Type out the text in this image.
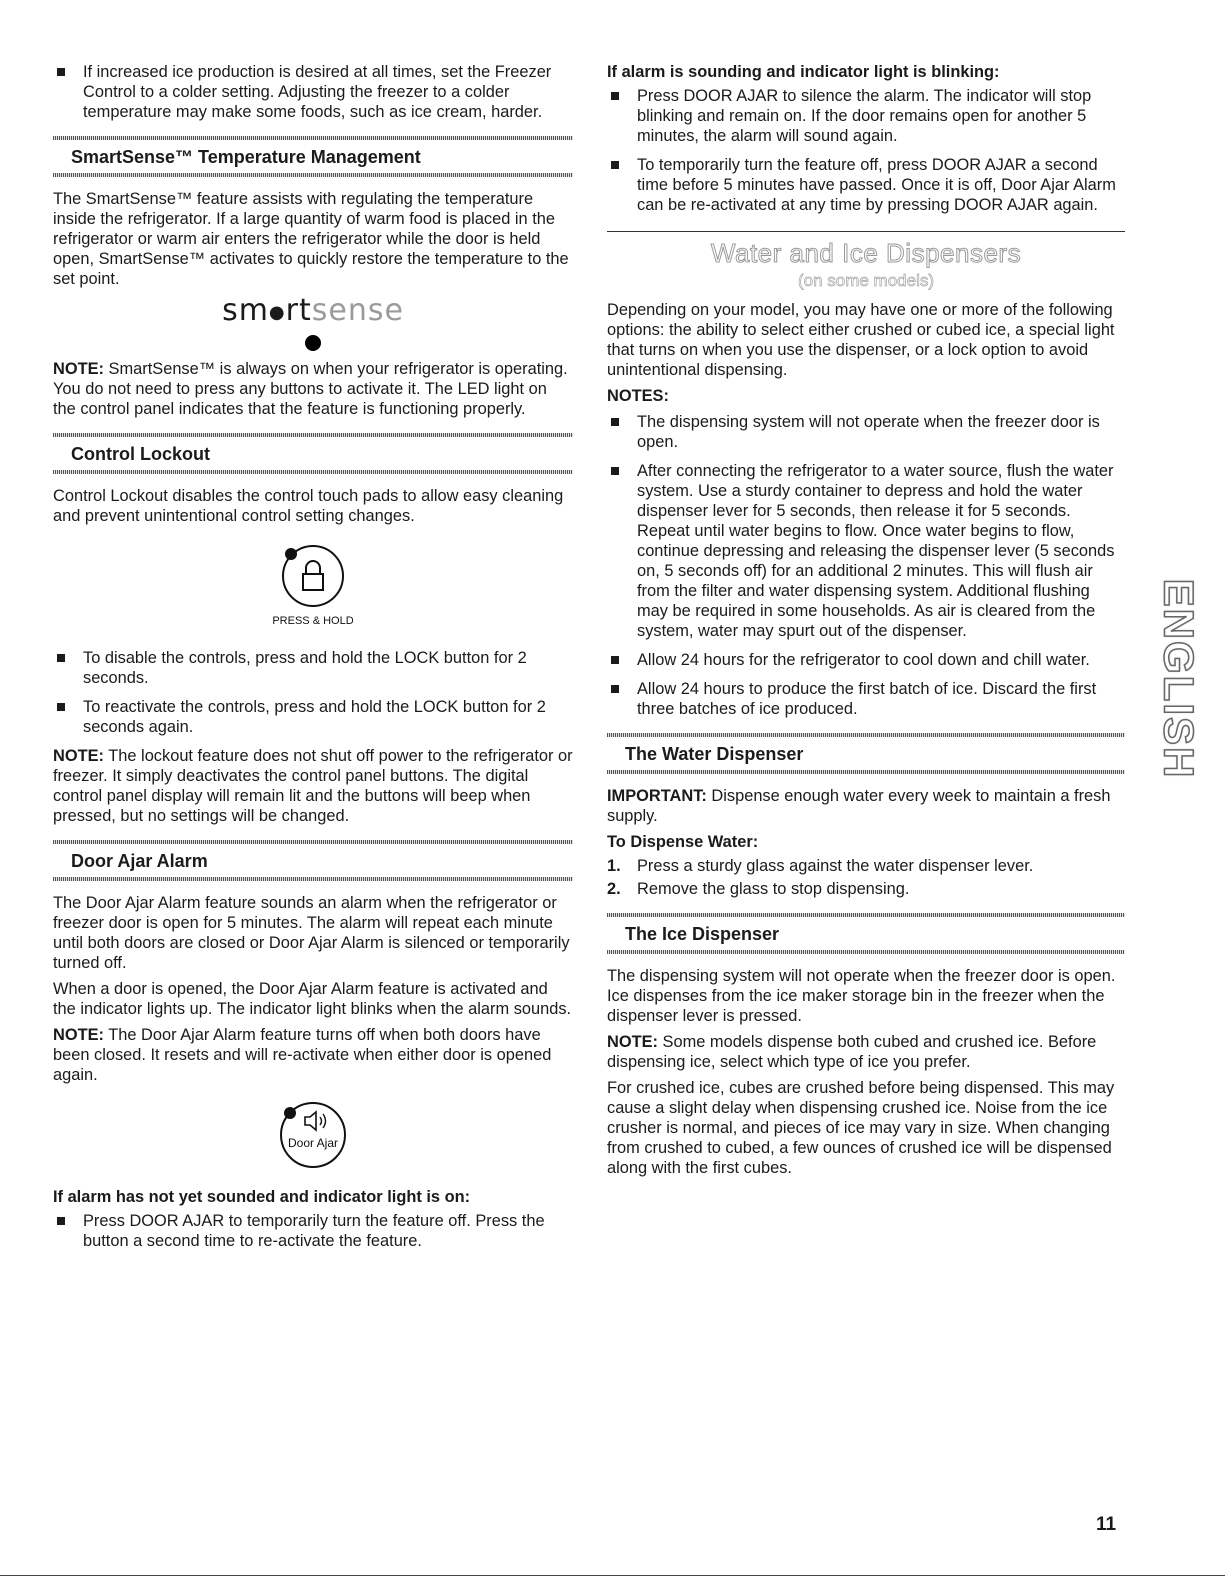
If increased ice production is desired at all times, set the Freezer Control to a colder setting. Adjusting the freezer to a colder temperature may make some foods, such as ice cream, harder.
SmartSense™ Temperature Management

The SmartSense™ feature assists with regulating the temperature inside the refrigerator. If a large quantity of warm food is placed in the refrigerator or warm air enters the refrigerator while the door is held open, SmartSense™ activates to quickly restore the temperature to the set point.

sm●rtsense

NOTE: SmartSense™ is always on when your refrigerator is operating. You do not need to press any buttons to activate it. The LED light on the control panel indicates that the feature is functioning properly.

Control Lockout

Control Lockout disables the control touch pads to allow easy cleaning and prevent unintentional control setting changes.

PRESS & HOLD
To disable the controls, press and hold the LOCK button for 2 seconds.
To reactivate the controls, press and hold the LOCK button for 2 seconds again.

NOTE: The lockout feature does not shut off power to the refrigerator or freezer. It simply deactivates the control panel buttons. The digital control panel display will remain lit and the buttons will beep when pressed, but no settings will be changed.

Door Ajar Alarm

The Door Ajar Alarm feature sounds an alarm when the refrigerator or freezer door is open for 5 minutes. The alarm will repeat each minute until both doors are closed or Door Ajar Alarm is silenced or temporarily turned off.

When a door is opened, the Door Ajar Alarm feature is activated and the indicator lights up. The indicator light blinks when the alarm sounds.

NOTE: The Door Ajar Alarm feature turns off when both doors have been closed. It resets and will re-activate when either door is opened again.

Door Ajar
If alarm has not yet sounded and indicator light is on:
Press DOOR AJAR to temporarily turn the feature off. Press the button a second time to re-activate the feature.
If alarm is sounding and indicator light is blinking:
Press DOOR AJAR to silence the alarm. The indicator will stop blinking and remain on. If the door remains open for another 5 minutes, the alarm will sound again.
To temporarily turn the feature off, press DOOR AJAR a second time before 5 minutes have passed. Once it is off, Door Ajar Alarm can be re-activated at any time by pressing DOOR AJAR again.
Water and Ice Dispensers
(on some models)

Depending on your model, you may have one or more of the following options: the ability to select either crushed or cubed ice, a special light that turns on when you use the dispenser, or a lock option to avoid unintentional dispensing.

NOTES:
The dispensing system will not operate when the freezer door is open.
After connecting the refrigerator to a water source, flush the water system. Use a sturdy container to depress and hold the water dispenser lever for 5 seconds, then release it for 5 seconds. Repeat until water begins to flow. Once water begins to flow, continue depressing and releasing the dispenser lever (5 seconds on, 5 seconds off) for an additional 2 minutes. This will flush air from the filter and water dispensing system. Additional flushing may be required in some households. As air is cleared from the system, water may spurt out of the dispenser.
Allow 24 hours for the refrigerator to cool down and chill water.
Allow 24 hours to produce the first batch of ice. Discard the first three batches of ice produced.
The Water Dispenser

IMPORTANT: Dispense enough water every week to maintain a fresh supply.

To Dispense Water:
1. Press a sturdy glass against the water dispenser lever.
2. Remove the glass to stop dispensing.
The Ice Dispenser

The dispensing system will not operate when the freezer door is open. Ice dispenses from the ice maker storage bin in the freezer when the dispenser lever is pressed.

NOTE: Some models dispense both cubed and crushed ice. Before dispensing ice, select which type of ice you prefer.

For crushed ice, cubes are crushed before being dispensed. This may cause a slight delay when dispensing crushed ice. Noise from the ice crusher is normal, and pieces of ice may vary in size. When changing from crushed to cubed, a few ounces of crushed ice will be dispensed along with the first cubes.

ENGLISH
11
